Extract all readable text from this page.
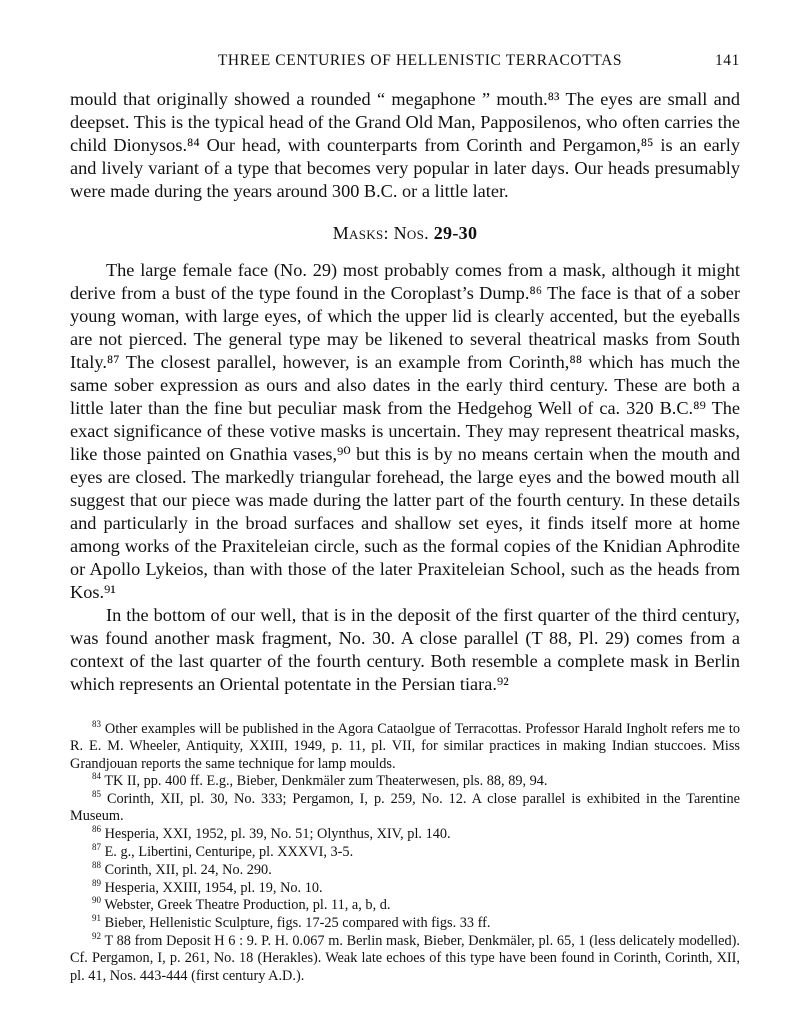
THREE CENTURIES OF HELLENISTIC TERRACOTTAS	141

mould that originally showed a rounded “ megaphone ” mouth.⁸³ The eyes are small and deepset. This is the typical head of the Grand Old Man, Papposilenos, who often carries the child Dionysos.⁸⁴ Our head, with counterparts from Corinth and Pergamon,⁸⁵ is an early and lively variant of a type that becomes very popular in later days. Our heads presumably were made during the years around 300 B.C. or a little later.

Masks: Nos. 29-30

The large female face (No. 29) most probably comes from a mask, although it might derive from a bust of the type found in the Coroplast’s Dump.⁸⁶ The face is that of a sober young woman, with large eyes, of which the upper lid is clearly accented, but the eyeballs are not pierced. The general type may be likened to several theatrical masks from South Italy.⁸⁷ The closest parallel, however, is an example from Corinth,⁸⁸ which has much the same sober expression as ours and also dates in the early third century. These are both a little later than the fine but peculiar mask from the Hedgehog Well of ca. 320 B.C.⁸⁹ The exact significance of these votive masks is uncertain. They may represent theatrical masks, like those painted on Gnathia vases,⁹⁰ but this is by no means certain when the mouth and eyes are closed. The markedly triangular forehead, the large eyes and the bowed mouth all suggest that our piece was made during the latter part of the fourth century. In these details and particularly in the broad surfaces and shallow set eyes, it finds itself more at home among works of the Praxiteleian circle, such as the formal copies of the Knidian Aphrodite or Apollo Lykeios, than with those of the later Praxiteleian School, such as the heads from Kos.⁹¹

In the bottom of our well, that is in the deposit of the first quarter of the third century, was found another mask fragment, No. 30. A close parallel (T 88, Pl. 29) comes from a context of the last quarter of the fourth century. Both resemble a complete mask in Berlin which represents an Oriental potentate in the Persian tiara.⁹²

$^{83}$ Other examples will be published in the Agora Cataolgue of Terracottas. Professor Harald Ingholt refers me to R. E. M. Wheeler, Antiquity, XXIII, 1949, p. 11, pl. VII, for similar practices in making Indian stuccoes. Miss Grandjouan reports the same technique for lamp moulds.

$^{84}$ TK II, pp. 400 ff. E.g., Bieber, Denkmäler zum Theaterwesen, pls. 88, 89, 94.

$^{85}$ Corinth, XII, pl. 30, No. 333; Pergamon, I, p. 259, No. 12. A close parallel is exhibited in the Tarentine Museum.

$^{86}$ Hesperia, XXI, 1952, pl. 39, No. 51; Olynthus, XIV, pl. 140.

$^{87}$ E. g., Libertini, Centuripe, pl. XXXVI, 3-5.

$^{88}$ Corinth, XII, pl. 24, No. 290.

$^{89}$ Hesperia, XXIII, 1954, pl. 19, No. 10.

$^{90}$ Webster, Greek Theatre Production, pl. 11, a, b, d.

$^{91}$ Bieber, Hellenistic Sculpture, figs. 17-25 compared with figs. 33 ff.

$^{92}$ T 88 from Deposit H 6 : 9. P. H. 0.067 m. Berlin mask, Bieber, Denkmäler, pl. 65, 1 (less delicately modelled). Cf. Pergamon, I, p. 261, No. 18 (Herakles). Weak late echoes of this type have been found in Corinth, Corinth, XII, pl. 41, Nos. 443-444 (first century A.D.).
